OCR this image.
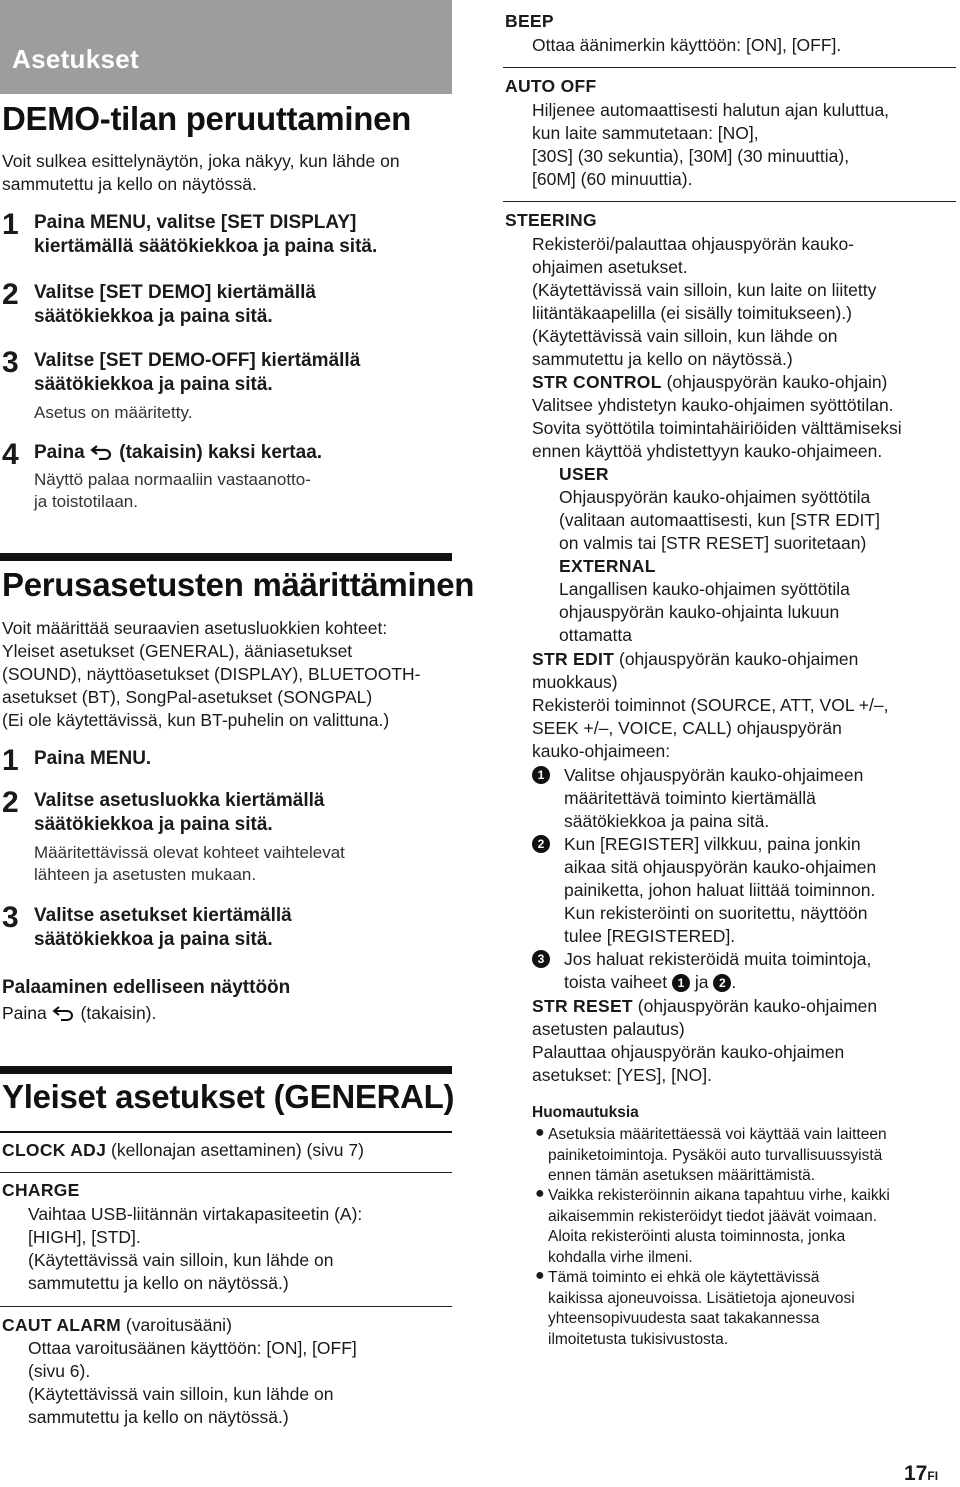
Asetukset
DEMO-tilan peruuttaminen
Voit sulkea esittelynäytön, joka näkyy, kun lähde on
sammutettu ja kello on näytössä.
1 Paina MENU, valitse [SET DISPLAY]
kiertämällä säätökiekkoa ja paina sitä.
2 Valitse [SET DEMO] kiertämällä
säätökiekkoa ja paina sitä.
3 Valitse [SET DEMO-OFF] kiertämällä
säätökiekkoa ja paina sitä.
Asetus on määritetty.
4 Paina (takaisin) kaksi kertaa.
Näyttö palaa normaaliin vastaanotto-
ja toistotilaan.
Perusasetusten määrittäminen
Voit määrittää seuraavien asetusluokkien kohteet:
Yleiset asetukset (GENERAL), ääniasetukset
(SOUND), näyttöasetukset (DISPLAY), BLUETOOTH-
asetukset (BT), SongPal-asetukset (SONGPAL)
(Ei ole käytettävissä, kun BT-puhelin on valittuna.)
1 Paina MENU.
2 Valitse asetusluokka kiertämällä
säätökiekkoa ja paina sitä.
Määritettävissä olevat kohteet vaihtelevat
lähteen ja asetusten mukaan.
3 Valitse asetukset kiertämällä
säätökiekkoa ja paina sitä.
Palaaminen edelliseen näyttöön
Paina (takaisin).
Yleiset asetukset (GENERAL)
CLOCK ADJ (kellonajan asettaminen) (sivu 7)
CHARGE
Vaihtaa USB-liitännän virtakapasiteetin (A):
[HIGH], [STD].
(Käytettävissä vain silloin, kun lähde on
sammutettu ja kello on näytössä.)
CAUT ALARM (varoitusääni)
Ottaa varoitusäänen käyttöön: [ON], [OFF]
(sivu 6).
(Käytettävissä vain silloin, kun lähde on
sammutettu ja kello on näytössä.)
BEEP
Ottaa äänimerkin käyttöön: [ON], [OFF].
AUTO OFF
Hiljenee automaattisesti halutun ajan kuluttua,
kun laite sammutetaan: [NO],
[30S] (30 sekuntia), [30M] (30 minuuttia),
[60M] (60 minuuttia).
STEERING
Rekisteröi/palauttaa ohjauspyörän kauko-
ohjaimen asetukset.
(Käytettävissä vain silloin, kun laite on liitetty
liitäntäkaapelilla (ei sisälly toimitukseen).)
(Käytettävissä vain silloin, kun lähde on
sammutettu ja kello on näytössä.)
STR CONTROL (ohjauspyörän kauko-ohjain)
Valitsee yhdistetyn kauko-ohjaimen syöttötilan.
Sovita syöttötila toimintahäiriöiden välttämiseksi
ennen käyttöä yhdistettyyn kauko-ohjaimeen.
USER
Ohjauspyörän kauko-ohjaimen syöttötila
(valitaan automaattisesti, kun [STR EDIT]
on valmis tai [STR RESET] suoritetaan)
EXTERNAL
Langallisen kauko-ohjaimen syöttötila
ohjauspyörän kauko-ohjainta lukuun
ottamatta
STR EDIT (ohjauspyörän kauko-ohjaimen
muokkaus)
Rekisteröi toiminnot (SOURCE, ATT, VOL +/–,
SEEK +/–, VOICE, CALL) ohjauspyörän
kauko-ohjaimeen:
1	Valitse ohjauspyörän kauko-ohjaimeen
määritettävä toiminto kiertämällä
säätökiekkoa ja paina sitä.
2	Kun [REGISTER] vilkkuu, paina jonkin
aikaa sitä ohjauspyörän kauko-ohjaimen
painiketta, johon haluat liittää toiminnon.
Kun rekisteröinti on suoritettu, näyttöön
tulee [REGISTERED].
3	Jos haluat rekisteröidä muita toimintoja,
toista vaiheet 1 ja 2 .
STR RESET (ohjauspyörän kauko-ohjaimen
asetusten palautus)
Palauttaa ohjauspyörän kauko-ohjaimen
asetukset: [YES], [NO].
Huomautuksia
● Asetuksia määritettäessä voi käyttää vain laitteen
painiketoimintoja. Pysäköi auto turvallisuussyistä
ennen tämän asetuksen määrittämistä.
● Vaikka rekisteröinnin aikana tapahtuu virhe, kaikki
aikaisemmin rekisteröidyt tiedot jäävät voimaan.
Aloita rekisteröinti alusta toiminnosta, jonka
kohdalla virhe ilmeni.
● Tämä toiminto ei ehkä ole käytettävissä
kaikissa ajoneuvoissa. Lisätietoja ajoneuvosi
yhteensopivuudesta saat takakannessa
ilmoitetusta tukisivustosta.
17FI
